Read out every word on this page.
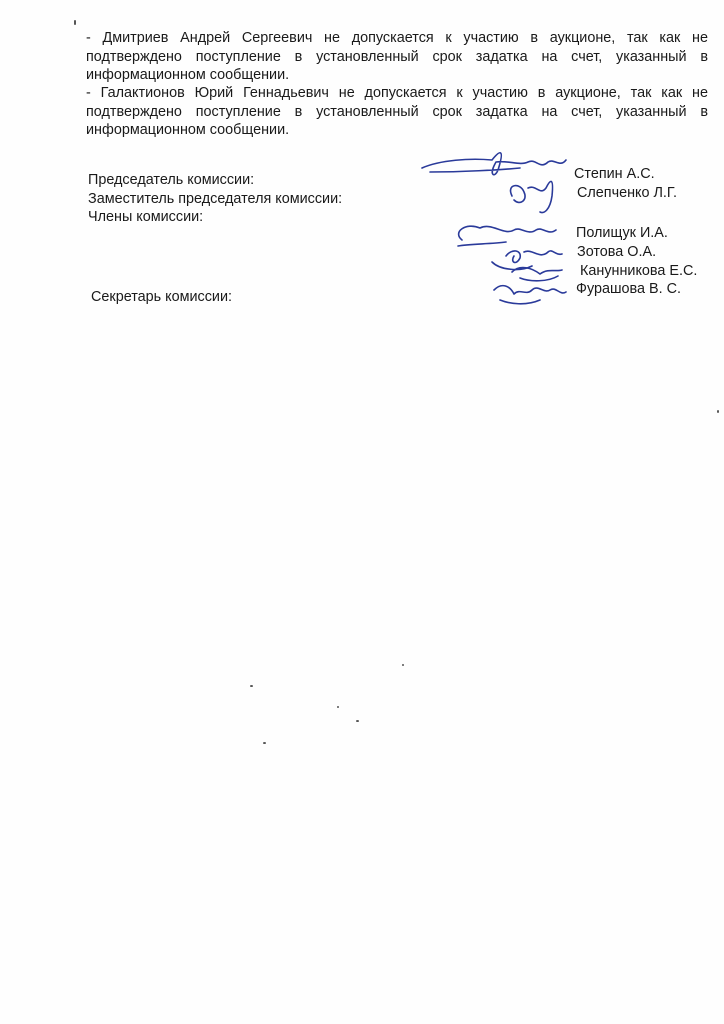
- Дмитриев Андрей Сергеевич не допускается к участию в аукционе, так как не подтверждено поступление в установленный срок задатка на счет, указанный в информационном сообщении.

- Галактионов Юрий Геннадьевич не допускается к участию в аукционе, так как не подтверждено поступление в установленный срок задатка на счет, указанный в информационном сообщении.

Председатель комиссии:
Заместитель председателя комиссии:
Члены комиссии:
Секретарь комиссии:
Степин А.С.
Слепченко Л.Г.
Полищук И.А.
Зотова О.А.
Канунникова Е.С.
Фурашова В. С.
